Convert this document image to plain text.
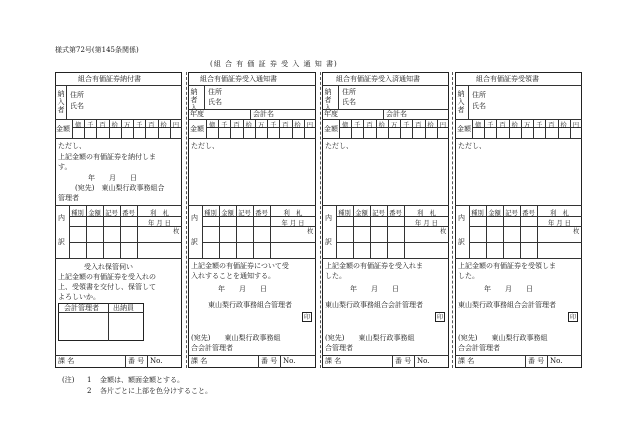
様式第72号(第145条関係)
(組 合 有 価 証 券 受 入 通 知 書)
組合有価証券納付書
納入者 住所
氏名
金額 億 千 百 拾 万 千 百 拾 円
ただし、
上記金額の有価証券を納付しま
す。
年　　月　　日
(宛先)　東山梨行政事務組合
管理者
内
訳
種別 金額 記号 番号	利　札
年 月 日
枚
受入れ保管伺い
上記金額の有価証券を受入れの
上、受領書を交付し、保管して
よろしいか。
会計管理者 出納員
組合有価証券受入通知書
納者入 住所
氏名
年度	会計名
金額 億 千 百 拾 万 千 百 拾 円
ただし、
内
訳
種別 金額 記号 番号	利　札
年 月 日
枚
上記金額の有価証券について受
入れすることを通知する。
年　　月　　日
東山梨行政事務組合管理者
印
(宛先)　　東山梨行政事務組
合会計管理者
組合有価証券受入済通知書
納者入 住所
氏名
年度	会計名
金額 億 千 百 拾 万 千 百 拾 円
ただし、
内
訳
種別 金額 記号 番号	利　札
年 月 日
枚
上記金額の有価証券を受入れま
した。
年　　月　　日
東山梨行政事務組合会計管理者
印
(宛先)　　東山梨行政事務組
合管理者
組合有価証券受領書
納入者 住所
氏名
金額 億 千 百 拾 万 千 百 拾 円
ただし、
内
訳
種別 金額 記号 番号	利　札
年 月 日
枚
上記金額の有価証券を受領しま
した。
年　　月　　日
東山梨行政事務組合会計管理者
印
(宛先)　　東山梨行政事務組
合会計管理者
課 名	番 号 No.	課 名	番 号 No.	課 名	番 号 No.	課 名	番 号 No.
(注) 1 金額は、額面金額とする。
2 各片ごとに上部を色分けすること。
